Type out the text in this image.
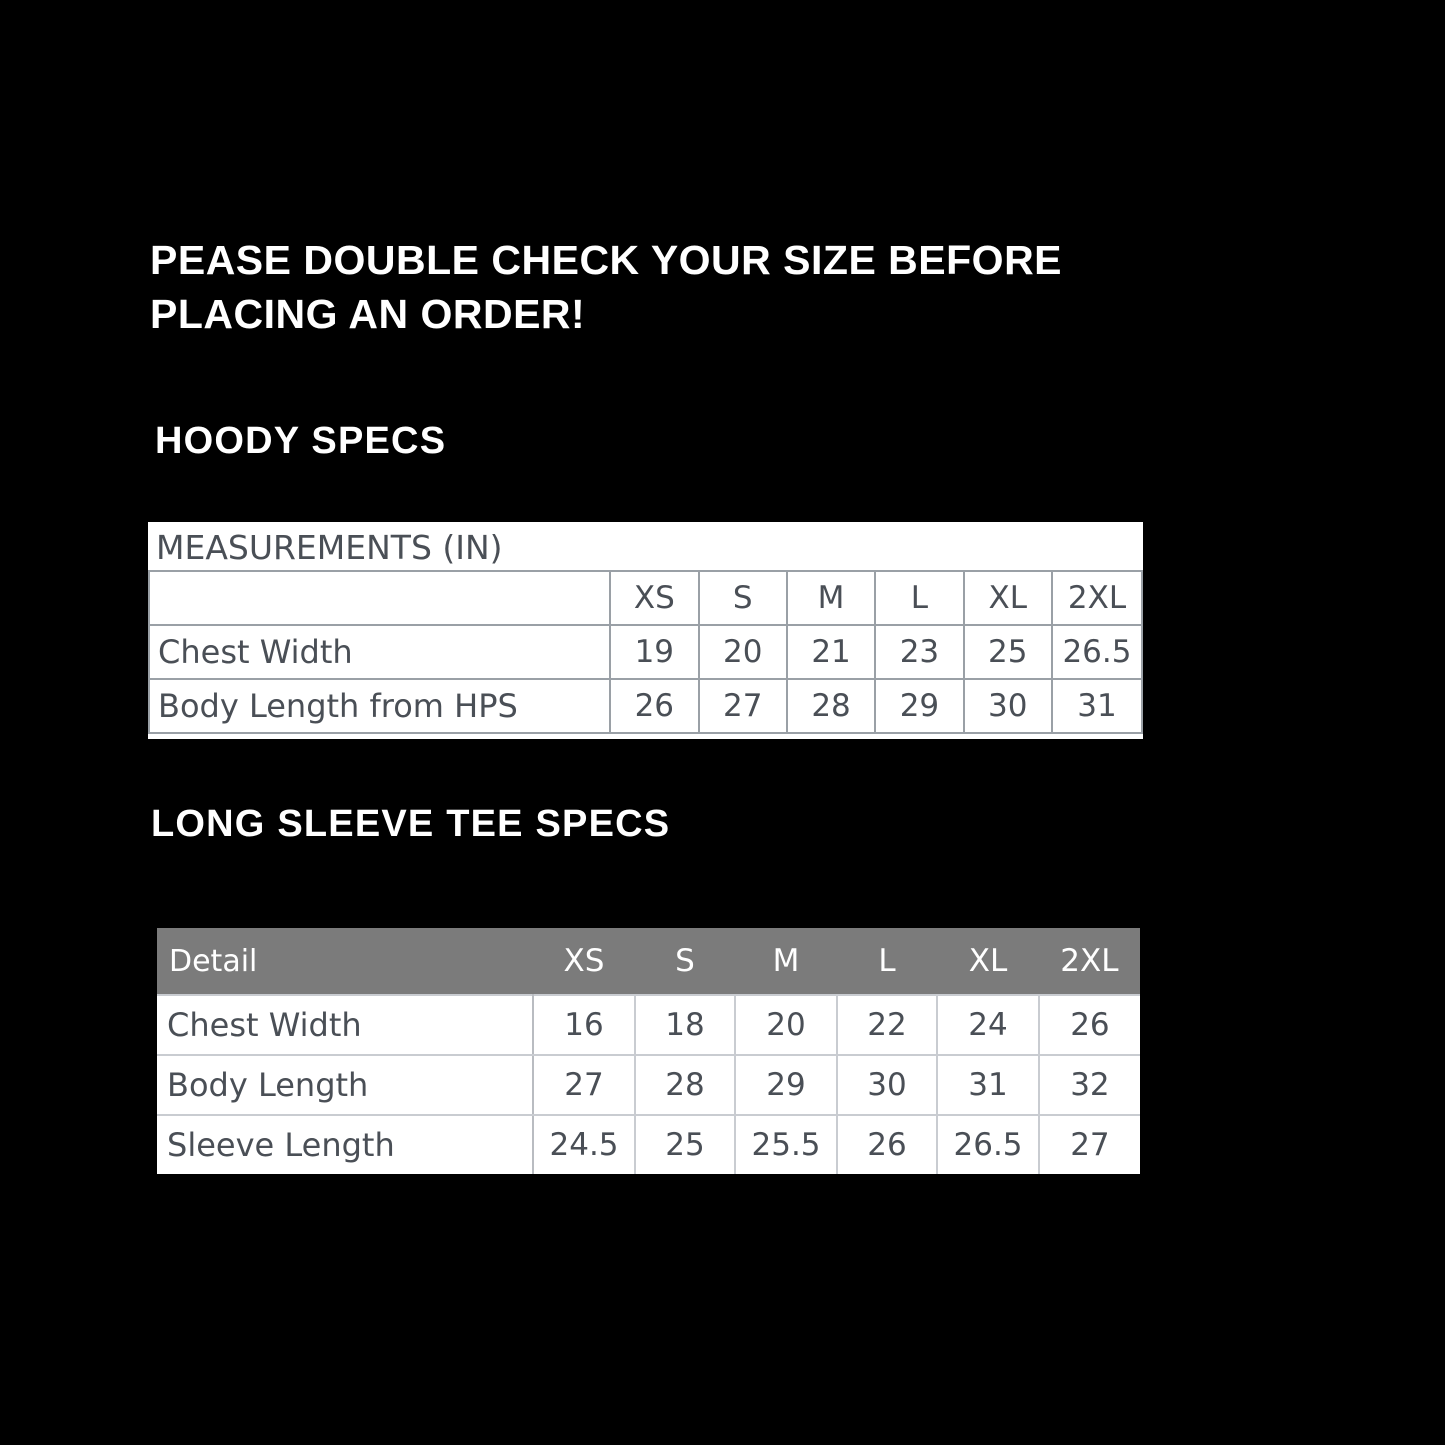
PEASE DOUBLE CHECK YOUR SIZE BEFORE PLACING AN ORDER!
HOODY SPECS
MEASUREMENTS (IN)
	XS	S	M	L	XL	2XL
Chest Width	19	20	21	23	25	26.5
Body Length from HPS	26	27	28	29	30	31
LONG SLEEVE TEE SPECS
Detail	XS	S	M	L	XL	2XL
Chest Width	16	18	20	22	24	26
Body Length	27	28	29	30	31	32
Sleeve Length	24.5	25	25.5	26	26.5	27
